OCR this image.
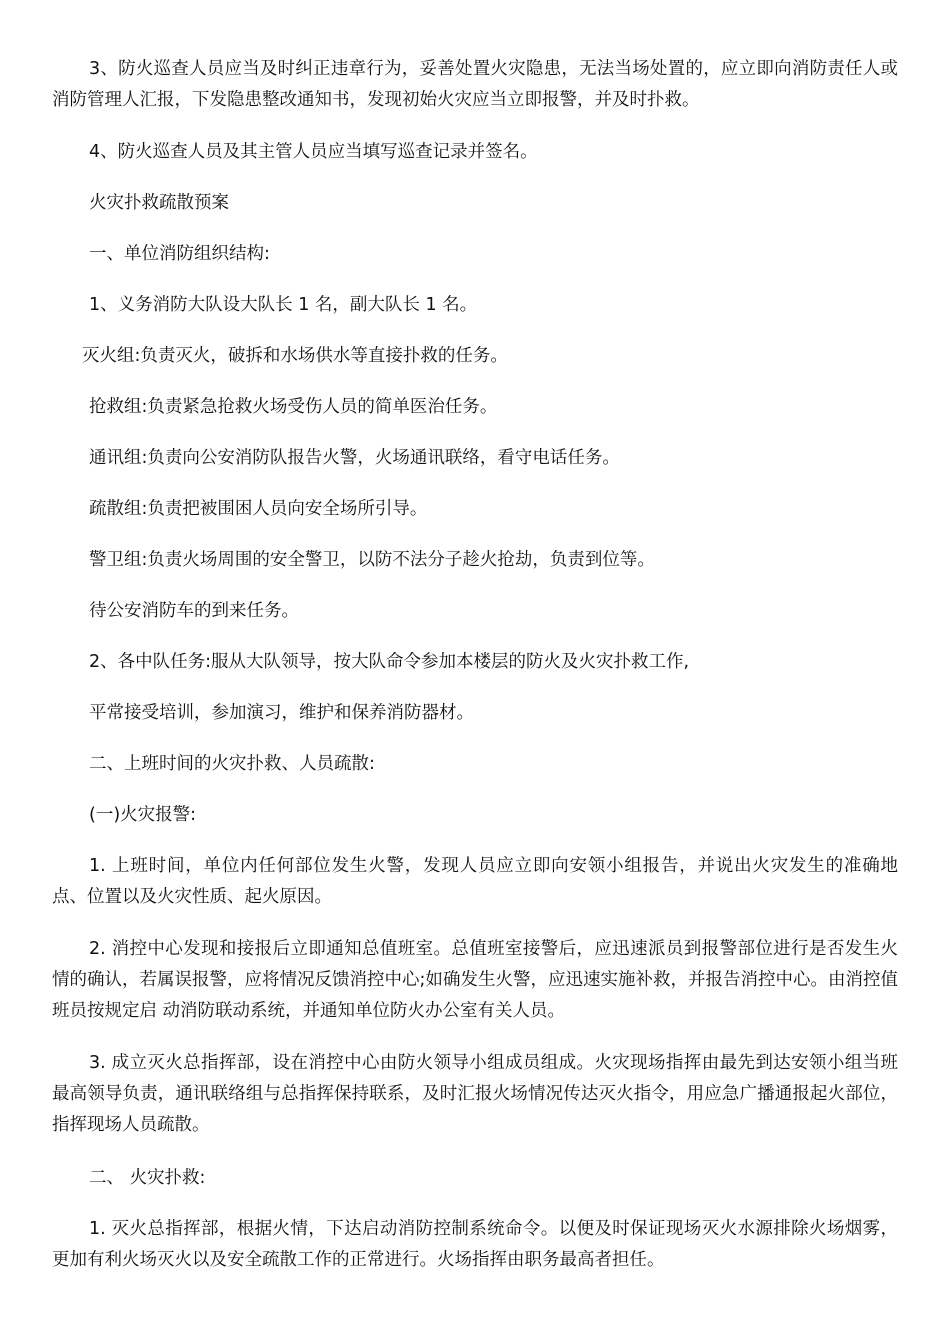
3、防火巡查人员应当及时纠正违章行为，妥善处置火灾隐患，无法当场处置的，应立即向消防责任人或消防管理人汇报，下发隐患整改通知书，发现初始火灾应当立即报警，并及时扑救。

4、防火巡查人员及其主管人员应当填写巡查记录并签名。

火灾扑救疏散预案

一、单位消防组织结构:

1、义务消防大队设大队长 1 名，副大队长 1 名。

灭火组:负责灭火，破拆和水场供水等直接扑救的任务。

抢救组:负责紧急抢救火场受伤人员的简单医治任务。

通讯组:负责向公安消防队报告火警，火场通讯联络，看守电话任务。

疏散组:负责把被围困人员向安全场所引导。

警卫组:负责火场周围的安全警卫，以防不法分子趁火抢劫，负责到位等。

待公安消防车的到来任务。

2、各中队任务:服从大队领导，按大队命令参加本楼层的防火及火灾扑救工作,

平常接受培训，参加演习，维护和保养消防器材。

二、上班时间的火灾扑救、人员疏散:

(一)火灾报警:

1. 上班时间，单位内任何部位发生火警，发现人员应立即向安领小组报告，并说出火灾发生的准确地点、位置以及火灾性质、起火原因。

2. 消控中心发现和接报后立即通知总值班室。总值班室接警后，应迅速派员到报警部位进行是否发生火情的确认，若属误报警，应将情况反馈消控中心;如确发生火警，应迅速实施补救，并报告消控中心。由消控值班员按规定启 动消防联动系统，并通知单位防火办公室有关人员。

3. 成立灭火总指挥部，设在消控中心由防火领导小组成员组成。火灾现场指挥由最先到达安领小组当班最高领导负责，通讯联络组与总指挥保持联系，及时汇报火场情况传达灭火指令，用应急广播通报起火部位，指挥现场人员疏散。

二、 火灾扑救:

1. 灭火总指挥部，根据火情，下达启动消防控制系统命令。以便及时保证现场灭火水源排除火场烟雾，更加有利火场灭火以及安全疏散工作的正常进行。火场指挥由职务最高者担任。
